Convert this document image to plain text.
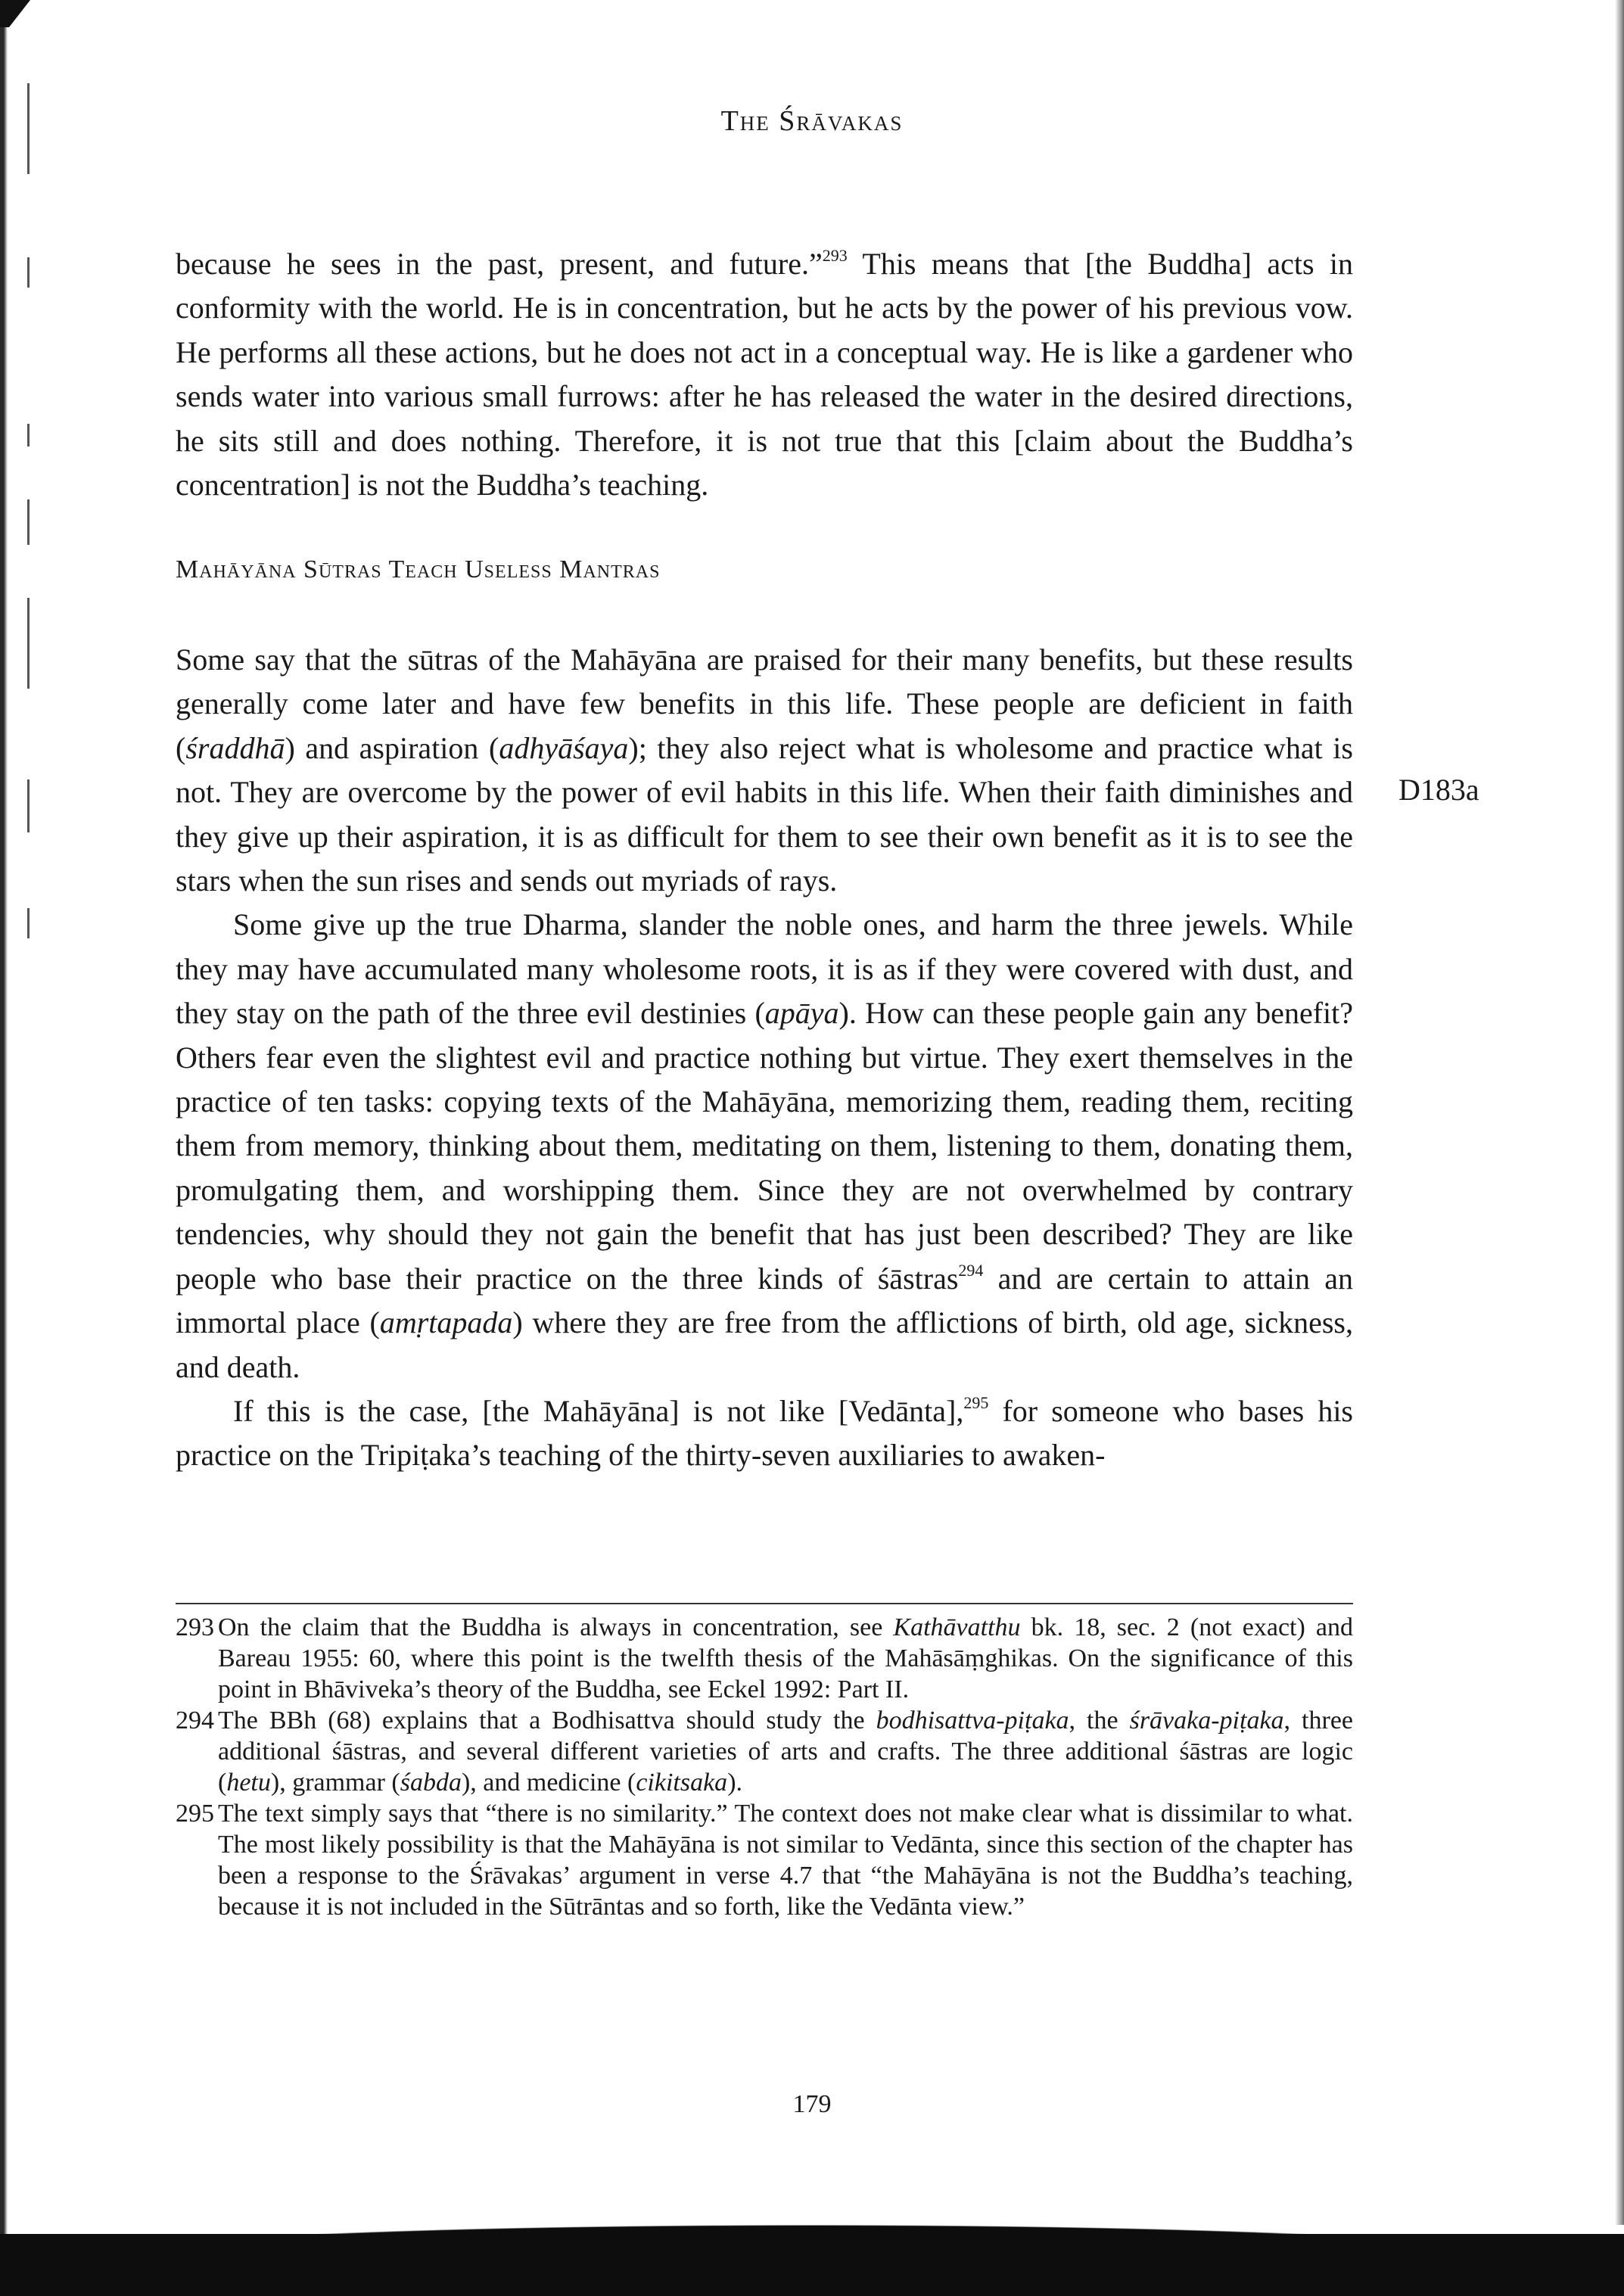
The Śrāvakas

because he sees in the past, present, and future.”$^{293}$ This means that [the Buddha] acts in conformity with the world. He is in concentration, but he acts by the power of his previous vow. He performs all these actions, but he does not act in a conceptual way. He is like a gardener who sends water into various small furrows: after he has released the water in the desired directions, he sits still and does nothing. Therefore, it is not true that this [claim about the Buddha’s concentration] is not the Buddha’s teaching.

Mahāyāna Sūtras Teach Useless Mantras
D183a

Some say that the sūtras of the Mahāyāna are praised for their many benefits, but these results generally come later and have few benefits in this life. These people are deficient in faith (śraddhā) and aspiration (adhyāśaya); they also reject what is wholesome and practice what is not. They are overcome by the power of evil habits in this life. When their faith diminishes and they give up their aspiration, it is as difficult for them to see their own benefit as it is to see the stars when the sun rises and sends out myriads of rays.

Some give up the true Dharma, slander the noble ones, and harm the three jewels. While they may have accumulated many wholesome roots, it is as if they were covered with dust, and they stay on the path of the three evil destinies (apāya). How can these people gain any benefit? Others fear even the slightest evil and practice nothing but virtue. They exert themselves in the practice of ten tasks: copying texts of the Mahāyāna, memorizing them, reading them, reciting them from memory, thinking about them, meditating on them, listening to them, donating them, promulgating them, and worshipping them. Since they are not overwhelmed by contrary tendencies, why should they not gain the benefit that has just been described? They are like people who base their practice on the three kinds of śāstras$^{294}$ and are certain to attain an immortal place (amṛtapada) where they are free from the afflictions of birth, old age, sickness, and death.

If this is the case, [the Mahāyāna] is not like [Vedānta],$^{295}$ for someone who bases his practice on the Tripiṭaka’s teaching of the thirty-seven auxiliaries to awaken-

293 On the claim that the Buddha is always in concentration, see Kathāvatthu bk. 18, sec. 2 (not exact) and Bareau 1955: 60, where this point is the twelfth thesis of the Mahāsāṃghikas. On the significance of this point in Bhāviveka’s theory of the Buddha, see Eckel 1992: Part II.

294 The BBh (68) explains that a Bodhisattva should study the bodhisattva-piṭaka, the śrāvaka-piṭaka, three additional śāstras, and several different varieties of arts and crafts. The three additional śāstras are logic (hetu), grammar (śabda), and medicine (cikitsaka).

295 The text simply says that “there is no similarity.” The context does not make clear what is dissimilar to what. The most likely possibility is that the Mahāyāna is not similar to Vedānta, since this section of the chapter has been a response to the Śrāvakas’ argument in verse 4.7 that “the Mahāyāna is not the Buddha’s teaching, because it is not included in the Sūtrāntas and so forth, like the Vedānta view.”

179
